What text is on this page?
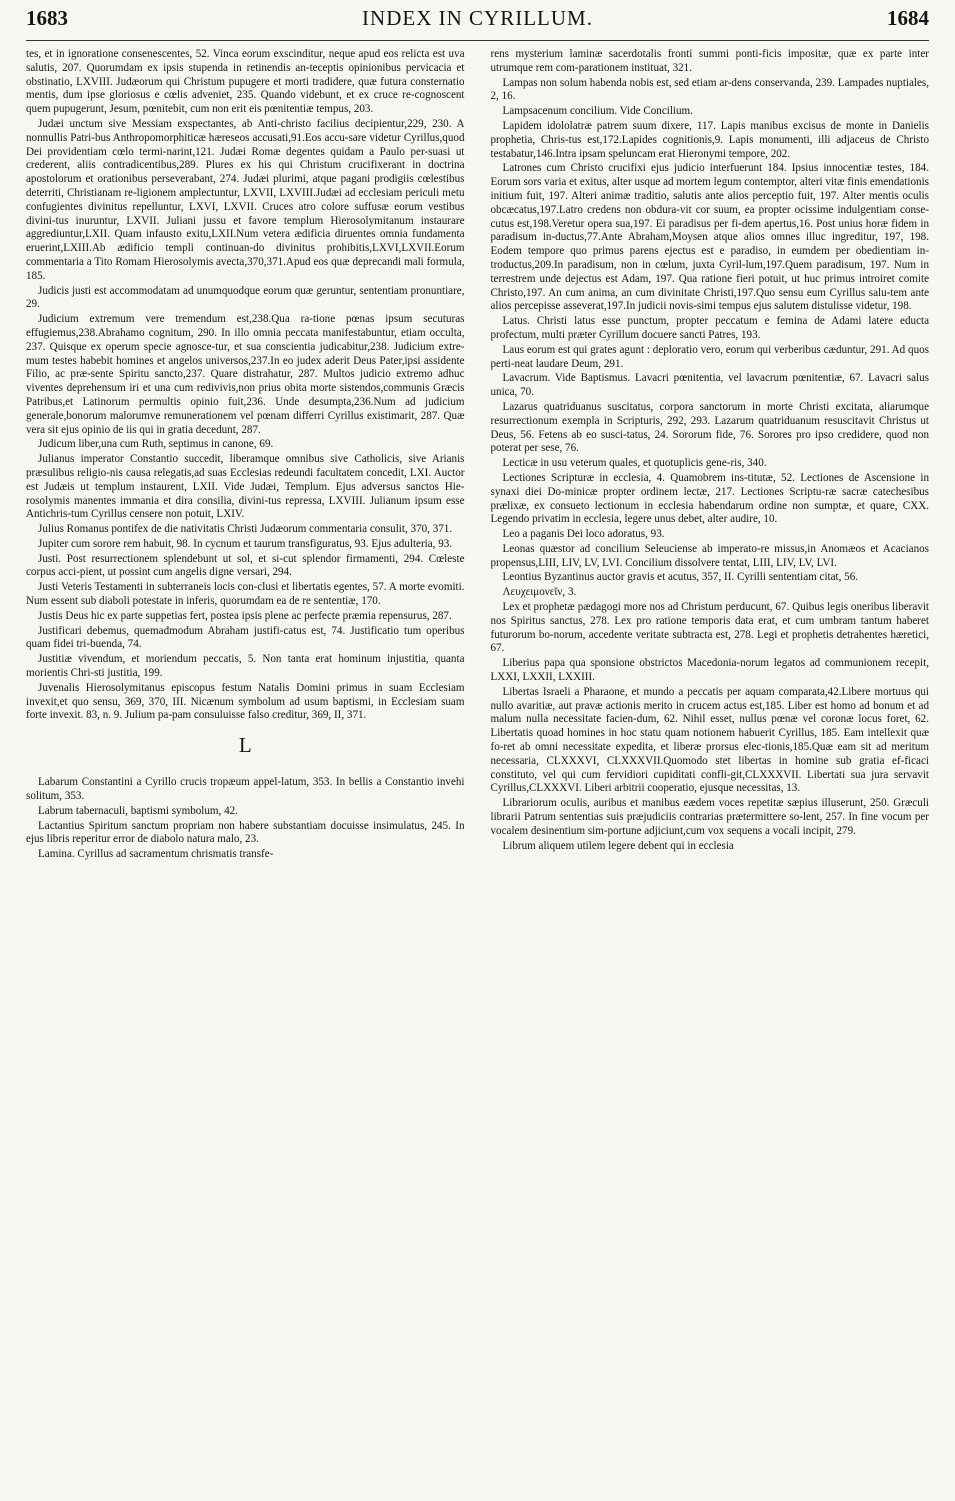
1683	INDEX IN CYRILLUM.	1684

tes, et in ignoratione consenescentes, 52. Vinca eorum exscinditur, neque apud eos relicta est uva salutis, 207. Quorumdam ex ipsis stupenda in retinendis an-teceptis opinionibus pervicacia et obstinatio, LXVIII. Judæorum qui Christum pupugere et morti tradidere, quæ futura consternatio mentis, dum ipse gloriosus e cœlis adveniet, 235. Quando videbunt, et ex cruce re-cognoscent quem pupugerunt, Jesum, pœnitebit, cum non erit eis pœnitentiæ tempus, 203.

Judæi unctum sive Messiam exspectantes, ab Anti-christo facilius decipientur,229, 230. A nonnullis Patri-bus Anthropomorphiticæ hæreseos accusati,91.Eos accu-sare videtur Cyrillus,quod Dei providentiam cœlo termi-narint,121. Judæi Romæ degentes quidam a Paulo per-suasi ut crederent, aliis contradicentibus,289. Plures ex his qui Christum crucifixerant in doctrina apostolorum et orationibus perseverabant, 274. Judæi plurimi, atque pagani prodigiis cœlestibus deterriti, Christianam re-ligionem amplectuntur, LXVII, LXVIII.Judæi ad ecclesiam periculi metu confugientes divinitus repelluntur, LXVI, LXVII. Cruces atro colore suffusæ eorum vestibus divini-tus inuruntur, LXVII. Juliani jussu et favore templum Hierosolymitanum instaurare aggrediuntur,LXII. Quam infausto exitu,LXII.Num vetera ædificia diruentes omnia fundamenta eruerint,LXIII.Ab ædificio templi continuan-do divinitus prohibitis,LXVI,LXVII.Eorum commentaria a Tito Romam Hierosolymis avecta,370,371.Apud eos quæ deprecandi mali formula, 185.

Judicis justi est accommodatam ad unumquodque eorum quæ geruntur, sententiam pronuntiare, 29.

Judicium extremum vere tremendum est,238.Qua ra-tione pœnas ipsum secuturas effugiemus,238.Abrahamo cognitum, 290. In illo omnia peccata manifestabuntur, etiam occulta, 237. Quisque ex operum specie agnosce-tur, et sua conscientia judicabitur,238. Judicium extre-mum testes habebit homines et angelos universos,237.In eo judex aderit Deus Pater,ipsi assidente Filio, ac præ-sente Spiritu sancto,237. Quare distrahatur, 287. Multos judicio extremo adhuc viventes deprehensum iri et una cum redivivis,non prius obita morte sistendos,communis Græcis Patribus,et Latinorum permultis opinio fuit,236. Unde desumpta,236.Num ad judicium generale,bonorum malorumve remunerationem vel pœnam differri Cyrillus existimarit, 287. Quæ vera sit ejus opinio de iis qui in gratia decedunt, 287.

Judicum liber,una cum Ruth, septimus in canone, 69.

Julianus imperator Constantio succedit, liberamque omnibus sive Catholicis, sive Arianis præsulibus religio-nis causa relegatis,ad suas Ecclesias redeundi facultatem concedit, LXI. Auctor est Judæis ut templum instaurent, LXII. Vide Judæi, Templum. Ejus adversus sanctos Hie-rosolymis manentes immania et dira consilia, divini-tus repressa, LXVIII. Julianum ipsum esse Antichris-tum Cyrillus censere non potuit, LXIV.

Julius Romanus pontifex de die nativitatis Christi Judæorum commentaria consulit, 370, 371.

Jupiter cum sorore rem habuit, 98. In cycnum et taurum transfiguratus, 93. Ejus adulteria, 93.

Justi. Post resurrectionem splendebunt ut sol, et si-cut splendor firmamenti, 294. Cœleste corpus acci-pient, ut possint cum angelis digne versari, 294.

Justi Veteris Testamenti in subterraneis locis con-clusi et libertatis egentes, 57. A morte evomiti. Num essent sub diaboli potestate in inferis, quorumdam ea de re sententiæ, 170.

Justis Deus hic ex parte suppetias fert, postea ipsis plene ac perfecte præmia repensurus, 287.

Justificari debemus, quemadmodum Abraham justifi-catus est, 74. Justificatio tum operibus quam fidei tri-buenda, 74.

Justitiæ vivendum, et moriendum peccatis, 5. Non tanta erat hominum injustitia, quanta morientis Chri-sti justitia, 199.

Juvenalis Hierosolymitanus episcopus festum Natalis Domini primus in suam Ecclesiam invexit,et quo sensu, 369, 370, III. Nicænum symbolum ad usum baptismi, in Ecclesiam suam forte invexit. 83, n. 9. Julium pa-pam consuluisse falso creditur, 369, II, 371.

L

Labarum Constantini a Cyrillo crucis tropæum appel-latum, 353. In bellis a Constantio invehi solitum, 353.

Labrum tabernaculi, baptismi symbolum, 42.

Lactantius Spiritum sanctum propriam non habere substantiam docuisse insimulatus, 245. In ejus libris reperitur error de diabolo natura malo, 23.

Lamina. Cyrillus ad sacramentum chrismatis transfe-

rens mysterium laminæ sacerdotalis fronti summi ponti-ficis impositæ, quæ ex parte inter utrumque rem com-parationem instituat, 321.

Lampas non solum habenda nobis est, sed etiam ar-dens conservanda, 239. Lampades nuptiales, 2, 16.

Lampsacenum concilium. Vide Concilium.

Lapidem idololatræ patrem suum dixere, 117. Lapis manibus excisus de monte in Danielis prophetia, Chris-tus est,172.Lapides cognitionis,9. Lapis monumenti, illi adjaceus de Christo testabatur,146.Intra ipsam speluncam erat Hieronymi tempore, 202.

Latrones cum Christo crucifixi ejus judicio interfuerunt 184. Ipsius innocentiæ testes, 184. Eorum sors varia et exitus, alter usque ad mortem legum contemptor, alteri vitæ finis emendationis initium fuit, 197. Alteri animæ traditio, salutis ante alios perceptio fuit, 197. Alter mentis oculis obcæcatus,197.Latro credens non obdura-vit cor suum, ea propter ocissime indulgentiam conse-cutus est,198.Veretur opera sua,197. Ei paradisus per fi-dem apertus,16. Post unius horæ fidem in paradisum in-ductus,77.Ante Abraham,Moysen atque alios omnes illuc ingreditur, 197, 198. Eodem tempore quo primus parens ejectus est e paradiso, in eumdem per obedientiam in-troductus,209.In paradisum, non in cœlum, juxta Cyril-lum,197.Quem paradisum, 197. Num in terrestrem unde dejectus est Adam, 197. Qua ratione fieri potuit, ut huc primus introiret comite Christo,197. An cum anima, an cum divinitate Christi,197.Quo sensu eum Cyrillus salu-tem ante alios percepisse asseverat,197.In judicii novis-simi tempus ejus salutem distulisse videtur, 198.

Latus. Christi latus esse punctum, propter peccatum e femina de Adami latere educta profectum, multi præter Cyrillum docuere sancti Patres, 193.

Laus eorum est qui grates agunt : deploratio vero, eorum qui verberibus cæduntur, 291. Ad quos perti-neat laudare Deum, 291.

Lavacrum. Vide Baptismus. Lavacri pœnitentia, vel lavacrum pœnitentiæ, 67. Lavacri salus unica, 70.

Lazarus quatriduanus suscitatus, corpora sanctorum in morte Christi excitata, aliarumque resurrectionum exempla in Scripturis, 292, 293. Lazarum quatriduanum resuscitavit Christus ut Deus, 56. Fetens ab eo susci-tatus, 24. Sororum fide, 76. Sorores pro ipso credidere, quod non poterat per sese, 76.

Lecticæ in usu veterum quales, et quotuplicis gene-ris, 340.

Lectiones Scripturæ in ecclesia, 4. Quamobrem ins-titutæ, 52. Lectiones de Ascensione in synaxi diei Do-minicæ propter ordinem lectæ, 217. Lectiones Scriptu-ræ sacræ catechesibus prælixæ, ex consueto lectionum in ecclesia habendarum ordine non sumptæ, et quare, CXX. Legendo privatim in ecclesia, legere unus debet, alter audire, 10.

Leo a paganis Dei loco adoratus, 93.

Leonas quæstor ad concilium Seleuciense ab imperato-re missus,in Anomæos et Acacianos propensus,LIII, LIV, LV, LVI. Concilium dissolvere tentat, LIII, LIV, LV, LVI.

Leontius Byzantinus auctor gravis et acutus, 357, II. Cyrilli sententiam citat, 56.

Λευχειμονεῖν, 3.

Lex et prophetæ pædagogi more nos ad Christum perducunt, 67. Quibus legis oneribus liberavit nos Spiritus sanctus, 278. Lex pro ratione temporis data erat, et cum umbram tantum haberet futurorum bo-norum, accedente veritate subtracta est, 278. Legi et prophetis detrahentes hæretici, 67.

Liberius papa qua sponsione obstrictos Macedonia-norum legatos ad communionem recepit, LXXI, LXXII, LXXIII.

Libertas Israeli a Pharaone, et mundo a peccatis per aquam comparata,42.Libere mortuus qui nullo avaritiæ, aut pravæ actionis merito in crucem actus est,185. Liber est homo ad bonum et ad malum nulla necessitate facien-dum, 62. Nihil esset, nullus pœnæ vel coronæ locus foret, 62. Libertatis quoad homines in hoc statu quam notionem habuerit Cyrillus, 185. Eam intellexit quæ fo-ret ab omni necessitate expedita, et liberæ prorsus elec-tionis,185.Quæ eam sit ad meritum necessaria, CLXXXVI, CLXXXVII.Quomodo stet libertas in homine sub gratia ef-ficaci constituto, vel qui cum fervidiori cupiditati confli-git,CLXXXVII. Libertati sua jura servavit Cyrillus,CLXXXVI. Liberi arbitrii cooperatio, ejusque necessitas, 13.

Librariorum oculis, auribus et manibus eædem voces repetitæ sæpius illuserunt, 250. Græculi librarii Patrum sententias suis præjudiciis contrarias prætermittere so-lent, 257. In fine vocum per vocalem desinentium sim-portune adjiciunt,cum vox sequens a vocali incipit, 279.

Librum aliquem utilem legere debent qui in ecclesia
